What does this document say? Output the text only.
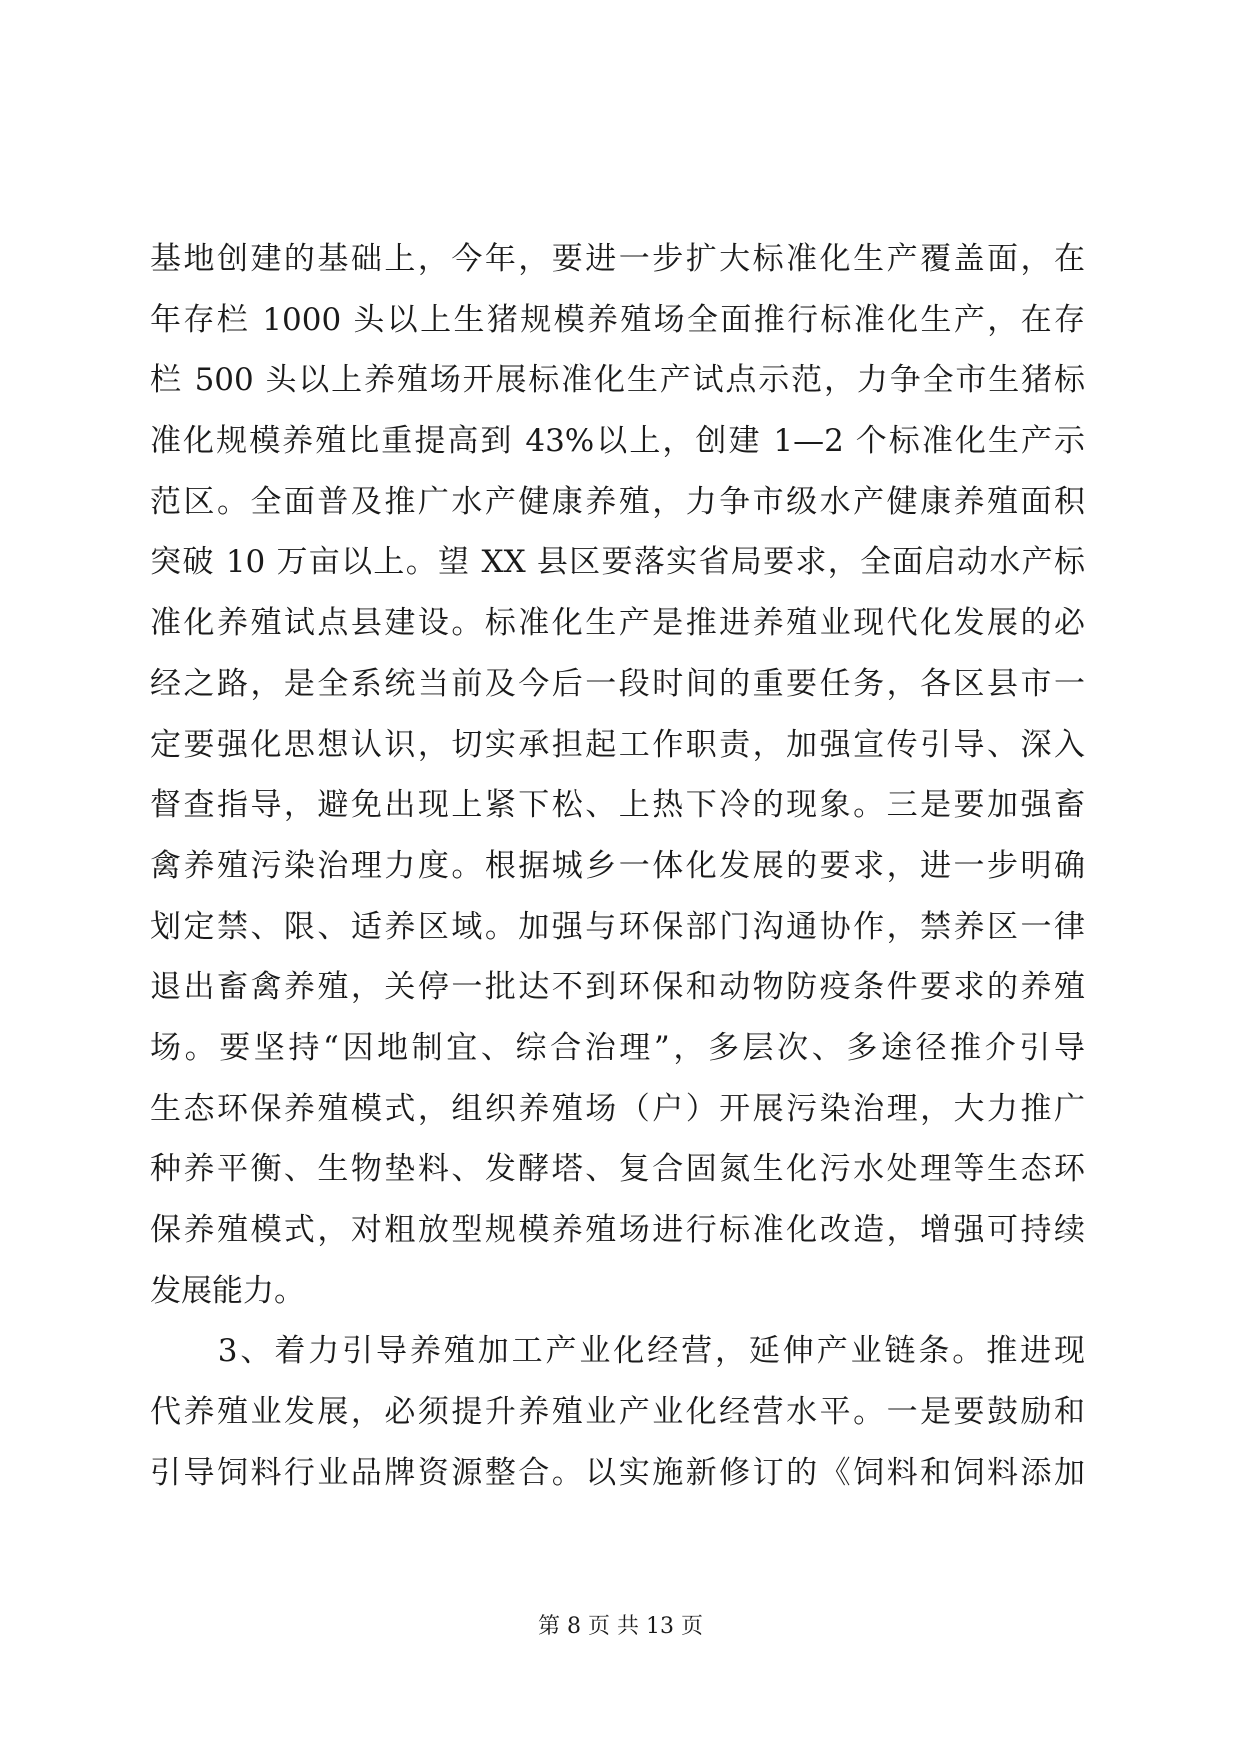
基地创建的基础上，今年，要进一步扩大标准化生产覆盖面，在
年存栏 1000 头以上生猪规模养殖场全面推行标准化生产，在存
栏 500 头以上养殖场开展标准化生产试点示范，力争全市生猪标
准化规模养殖比重提高到 43%以上，创建 1—2 个标准化生产示
范区。全面普及推广水产健康养殖，力争市级水产健康养殖面积
突破 10 万亩以上。望 XX 县区要落实省局要求，全面启动水产标
准化养殖试点县建设。标准化生产是推进养殖业现代化发展的必
经之路，是全系统当前及今后一段时间的重要任务，各区县市一
定要强化思想认识，切实承担起工作职责，加强宣传引导、深入
督查指导，避免出现上紧下松、上热下冷的现象。三是要加强畜
禽养殖污染治理力度。根据城乡一体化发展的要求，进一步明确
划定禁、限、适养区域。加强与环保部门沟通协作，禁养区一律
退出畜禽养殖，关停一批达不到环保和动物防疫条件要求的养殖
场。要坚持“因地制宜、综合治理”，多层次、多途径推介引导
生态环保养殖模式，组织养殖场（户）开展污染治理，大力推广
种养平衡、生物垫料、发酵塔、复合固氮生化污水处理等生态环
保养殖模式，对粗放型规模养殖场进行标准化改造，增强可持续
发展能力。
　　3、着力引导养殖加工产业化经营，延伸产业链条。推进现
代养殖业发展，必须提升养殖业产业化经营水平。一是要鼓励和
引导饲料行业品牌资源整合。以实施新修订的《饲料和饲料添加
第 8 页 共 13 页
